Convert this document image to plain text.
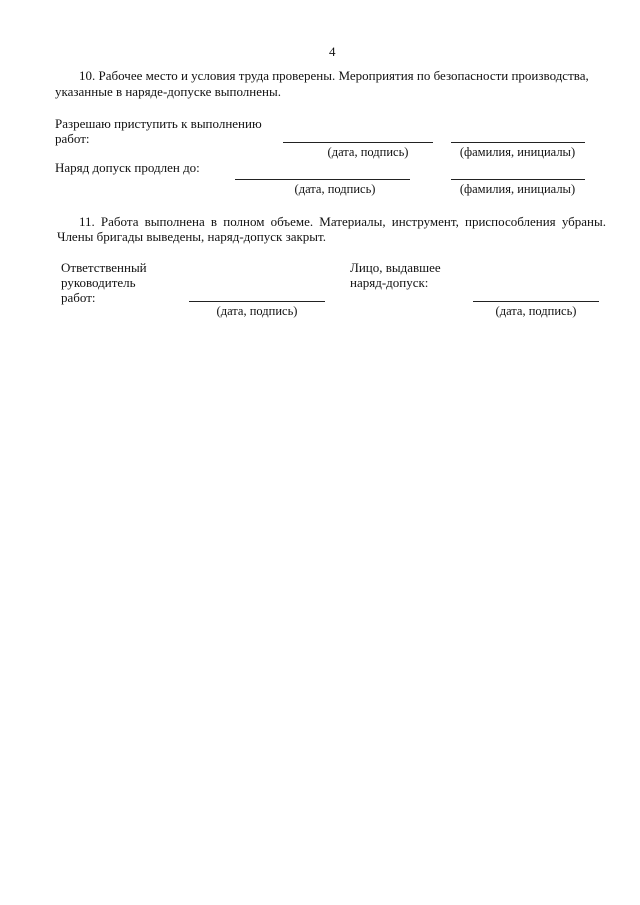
4
10. Рабочее место и условия труда проверены. Мероприятия по безопасности производства,
указанные в наряде-допуске выполнены.
Разрешаю приступить к выполнению
работ:
(дата, подпись)	(фамилия, инициалы)
Наряд допуск продлен до:
(дата, подпись)	(фамилия, инициалы)
11. Работа выполнена в полном объеме. Материалы, инструмент, приспособления убраны.
Члены бригады выведены, наряд-допуск закрыт.
Ответственный
руководитель
работ:
(дата, подпись)
Лицо, выдавшее
наряд-допуск:
(дата, подпись)
